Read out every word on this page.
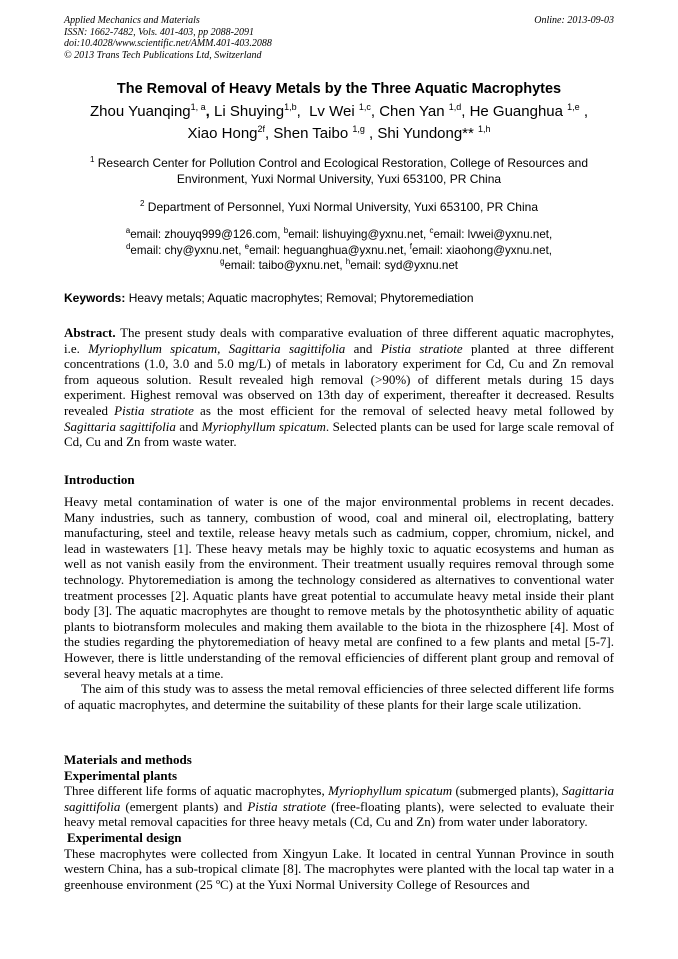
Applied Mechanics and Materials
ISSN: 1662-7482, Vols. 401-403, pp 2088-2091
doi:10.4028/www.scientific.net/AMM.401-403.2088
© 2013 Trans Tech Publications Ltd, Switzerland
Online: 2013-09-03
The Removal of Heavy Metals by the Three Aquatic Macrophytes
Zhou Yuanqing$^{1, a}$, Li Shuying$^{1,b}$,  Lv Wei $^{1,c}$, Chen Yan $^{1,d}$, He Guanghua $^{1,e}$ ,
Xiao Hong$^{2f}$, Shen Taibo $^{1,g}$ , Shi Yundong** $^{1,h}$
$^1$ Research Center for Pollution Control and Ecological Restoration, College of Resources and
Environment, Yuxi Normal University, Yuxi 653100, PR China
$^2$ Department of Personnel, Yuxi Normal University, Yuxi 653100, PR China
$^a$email: zhouyq999@126.com, $^b$email: lishuying@yxnu.net, $^c$email: lvwei@yxnu.net,
$^d$email: chy@yxnu.net, $^e$email: heguanghua@yxnu.net, $^f$email: xiaohong@yxnu.net,
$^g$email: taibo@yxnu.net, $^h$email: syd@yxnu.net
Keywords: Heavy metals; Aquatic macrophytes; Removal; Phytoremediation

Abstract. The present study deals with comparative evaluation of three different aquatic macrophytes, i.e. Myriophyllum spicatum, Sagittaria sagittifolia and Pistia stratiote planted at three different concentrations (1.0, 3.0 and 5.0 mg/L) of metals in laboratory experiment for Cd, Cu and Zn removal from aqueous solution. Result revealed high removal (>90%) of different metals during 15 days experiment. Highest removal was observed on 13th day of experiment, thereafter it decreased. Results revealed Pistia stratiote as the most efficient for the removal of selected heavy metal followed by Sagittaria sagittifolia and Myriophyllum spicatum. Selected plants can be used for large scale removal of Cd, Cu and Zn from waste water.

Introduction

Heavy metal contamination of water is one of the major environmental problems in recent decades. Many industries, such as tannery, combustion of wood, coal and mineral oil, electroplating, battery manufacturing, steel and textile, release heavy metals such as cadmium, copper, chromium, nickel, and lead in wastewaters [1]. These heavy metals may be highly toxic to aquatic ecosystems and human as well as not vanish easily from the environment. Their treatment usually requires removal through some technology. Phytoremediation is among the technology considered as alternatives to conventional water treatment processes [2]. Aquatic plants have great potential to accumulate heavy metal inside their plant body [3]. The aquatic macrophytes are thought to remove metals by the photosynthetic ability of aquatic plants to biotransform molecules and making them available to the biota in the rhizosphere [4]. Most of the studies regarding the phytoremediation of heavy metal are confined to a few plants and metal [5-7]. However, there is little understanding of the removal efficiencies of different plant group and removal of several heavy metals at a time.

The aim of this study was to assess the metal removal efficiencies of three selected different life forms of aquatic macrophytes, and determine the suitability of these plants for their large scale utilization.

Materials and methods
Experimental plants

Three different life forms of aquatic macrophytes, Myriophyllum spicatum (submerged plants), Sagittaria sagittifolia (emergent plants) and Pistia stratiote (free-floating plants), were selected to evaluate their heavy metal removal capacities for three heavy metals (Cd, Cu and Zn) from water under laboratory.

Experimental design

These macrophytes were collected from Xingyun Lake. It located in central Yunnan Province in south western China, has a sub-tropical climate [8]. The macrophytes were planted with the local tap water in a greenhouse environment (25 ºC) at the Yuxi Normal University College of Resources and
